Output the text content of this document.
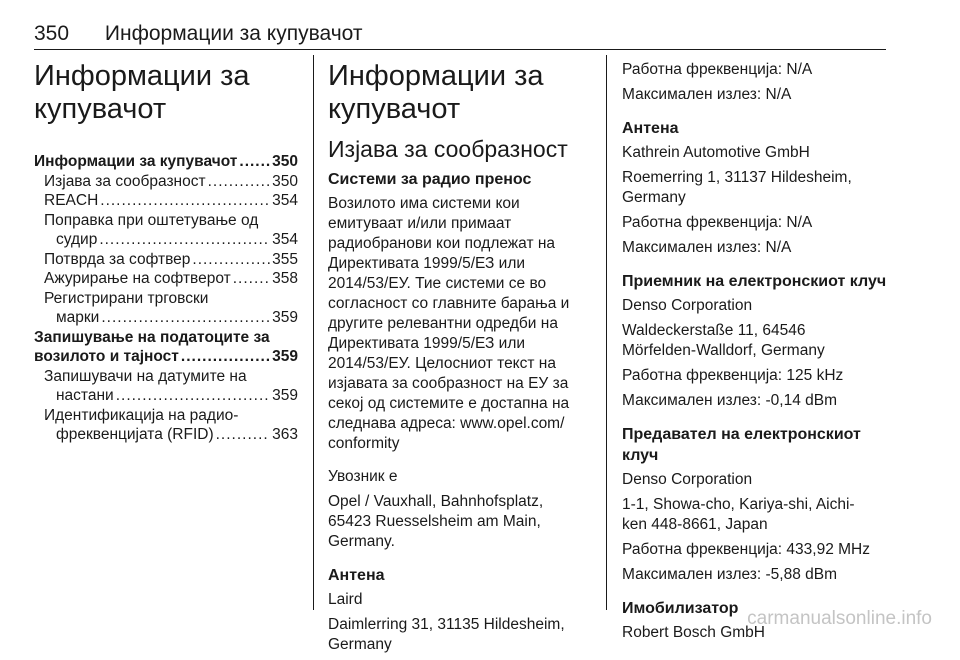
350 Информации за купувачот
Информации за
купувачот
Информации за купувачот ..... 350
Изјава за сообразност .....	350
REACH .....	354
Поправка при оштетување од
судир .....	354
Потврда за софтвер .....	355
Ажурирање на софтверот .....	358
Регистрирани трговски
марки .....	359
Запишување на податоците за
возилото и тајност .....	359
Запишувачи на датумите на
настани .....	359
Идентификација на радио-
фреквенцијата (RFID) .....	363
Информации за
купувачот
Изјава за сообразност
Системи за радио пренос
Возилото има системи кои
емитуваат и/или примаат
радиобранови кои подлежат на
Директивата 1999/5/ЕЗ или
2014/53/ЕУ. Тие системи се во
согласност со главните барања и
другите релевантни одредби на
Директивата 1999/5/ЕЗ или
2014/53/ЕУ. Целосниот текст на
изјавата за сообразност на ЕУ за
секој од системите е достапна на
следнава адреса: www.opel.com/
conformity
Увозник е
Opel / Vauxhall, Bahnhofsplatz,
65423 Ruesselsheim am Main,
Germany.
Антена
Laird
Daimlerring 31, 31135 Hildesheim,
Germany
Работна фреквенција: N/A
Максимален излез: N/A
Антена
Kathrein Automotive GmbH
Roemerring 1, 31137 Hildesheim,
Germany
Работна фреквенција: N/A
Максимален излез: N/A
Приемник на електронскиот клуч
Denso Corporation
Waldeckerstaße 11, 64546
Mörfelden-Walldorf, Germany
Работна фреквенција: 125 kHz
Максимален излез: -0,14 dBm
Предавател на електронскиот клуч
Denso Corporation
1-1, Showa-cho, Kariya-shi, Aichi-
ken 448-8661, Japan
Работна фреквенција: 433,92 MHz
Максимален излез: -5,88 dBm
Имобилизатор
Robert Bosch GmbH
carmanualsonline.info
